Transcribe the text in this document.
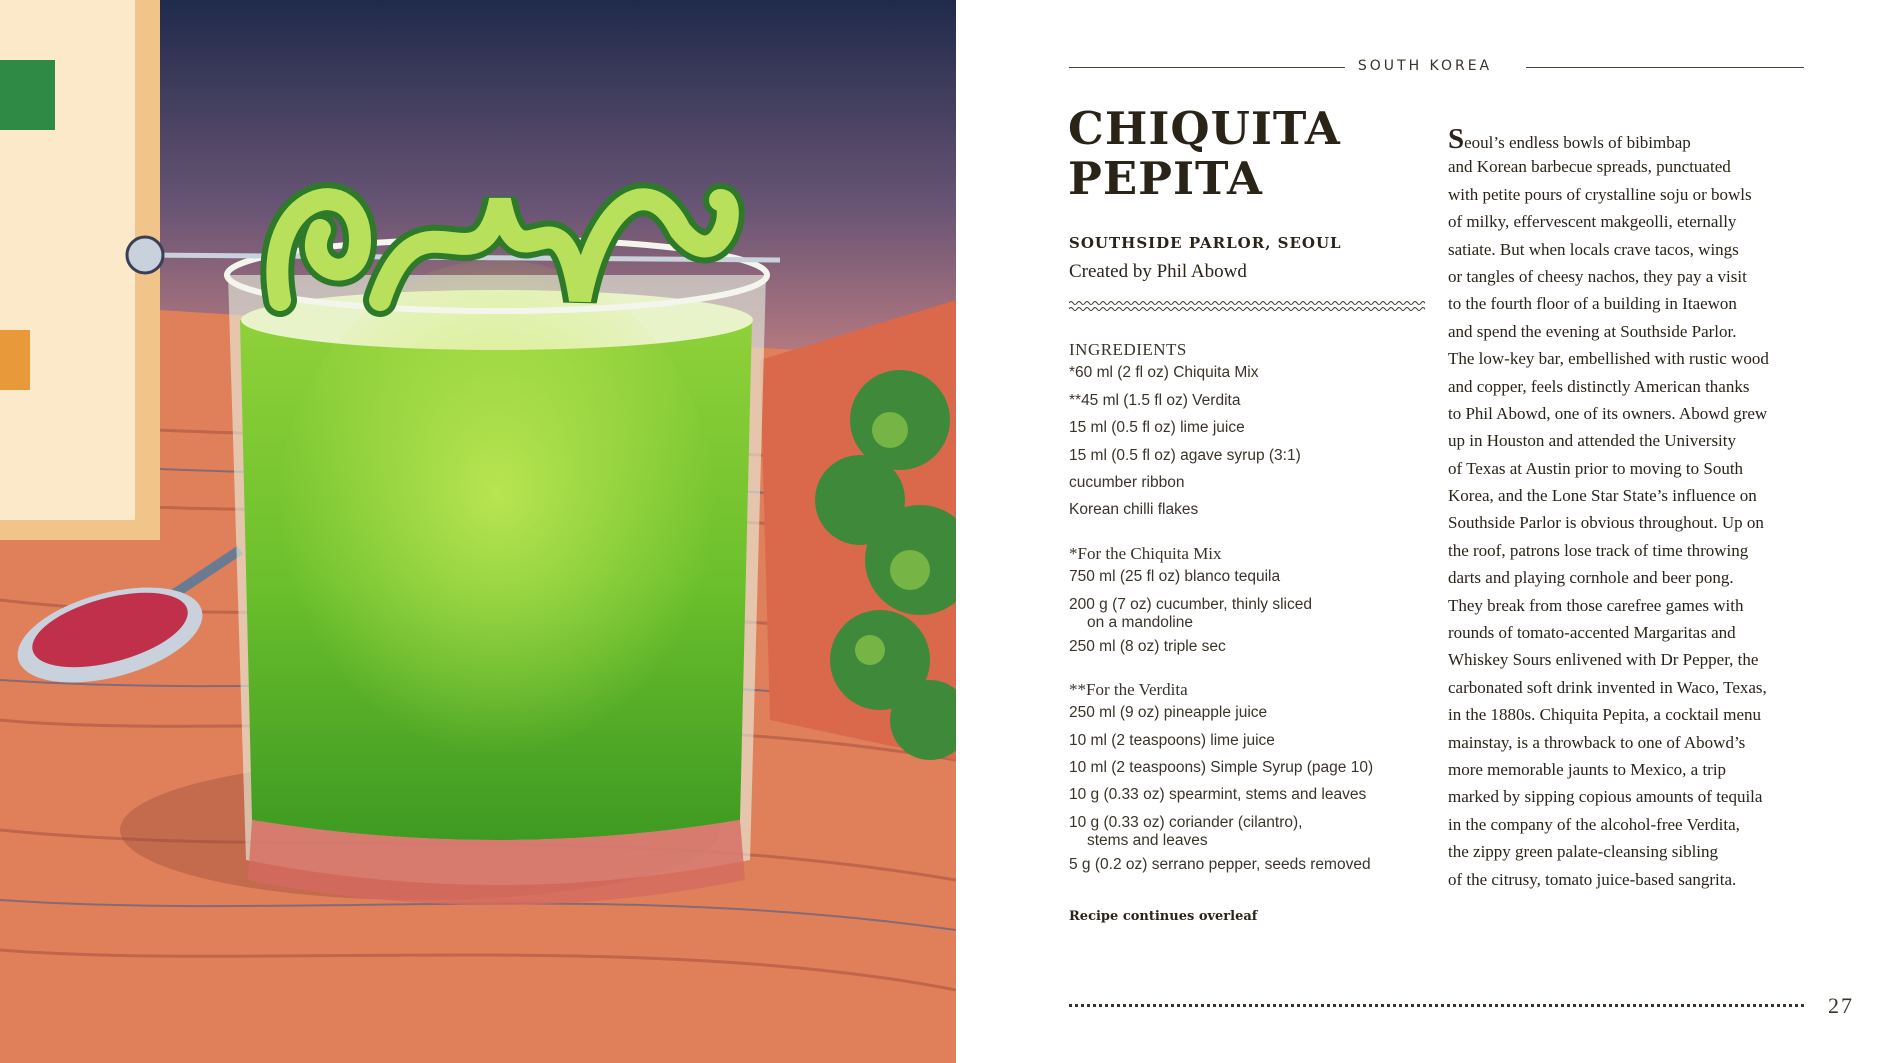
SOUTH KOREA
CHIQUITA
PEPITA
SOUTHSIDE PARLOR, SEOUL
Created by Phil Abowd
INGREDIENTS
*60 ml (2 fl oz) Chiquita Mix
**45 ml (1.5 fl oz) Verdita
15 ml (0.5 fl oz) lime juice
15 ml (0.5 fl oz) agave syrup (3:1)
cucumber ribbon
Korean chilli flakes
*For the Chiquita Mix
750 ml (25 fl oz) blanco tequila
200 g (7 oz) cucumber, thinly sliced
on a mandoline
250 ml (8 oz) triple sec
**For the Verdita
250 ml (9 oz) pineapple juice
10 ml (2 teaspoons) lime juice
10 ml (2 teaspoons) Simple Syrup (page 10)
10 g (0.33 oz) spearmint, stems and leaves
10 g (0.33 oz) coriander (cilantro),
stems and leaves
5 g (0.2 oz) serrano pepper, seeds removed
Recipe continues overleaf
Seoul’s endless bowls of bibimbap
and Korean barbecue spreads, punctuated
with petite pours of crystalline soju or bowls
of milky, effervescent makgeolli, eternally
satiate. But when locals crave tacos, wings
or tangles of cheesy nachos, they pay a visit
to the fourth floor of a building in Itaewon
and spend the evening at Southside Parlor.
The low-key bar, embellished with rustic wood
and copper, feels distinctly American thanks
to Phil Abowd, one of its owners. Abowd grew
up in Houston and attended the University
of Texas at Austin prior to moving to South
Korea, and the Lone Star State’s influence on
Southside Parlor is obvious throughout. Up on
the roof, patrons lose track of time throwing
darts and playing cornhole and beer pong.
They break from those carefree games with
rounds of tomato-accented Margaritas and
Whiskey Sours enlivened with Dr Pepper, the
carbonated soft drink invented in Waco, Texas,
in the 1880s. Chiquita Pepita, a cocktail menu
mainstay, is a throwback to one of Abowd’s
more memorable jaunts to Mexico, a trip
marked by sipping copious amounts of tequila
in the company of the alcohol-free Verdita,
the zippy green palate-cleansing sibling
of the citrusy, tomato juice-based sangrita.
27
